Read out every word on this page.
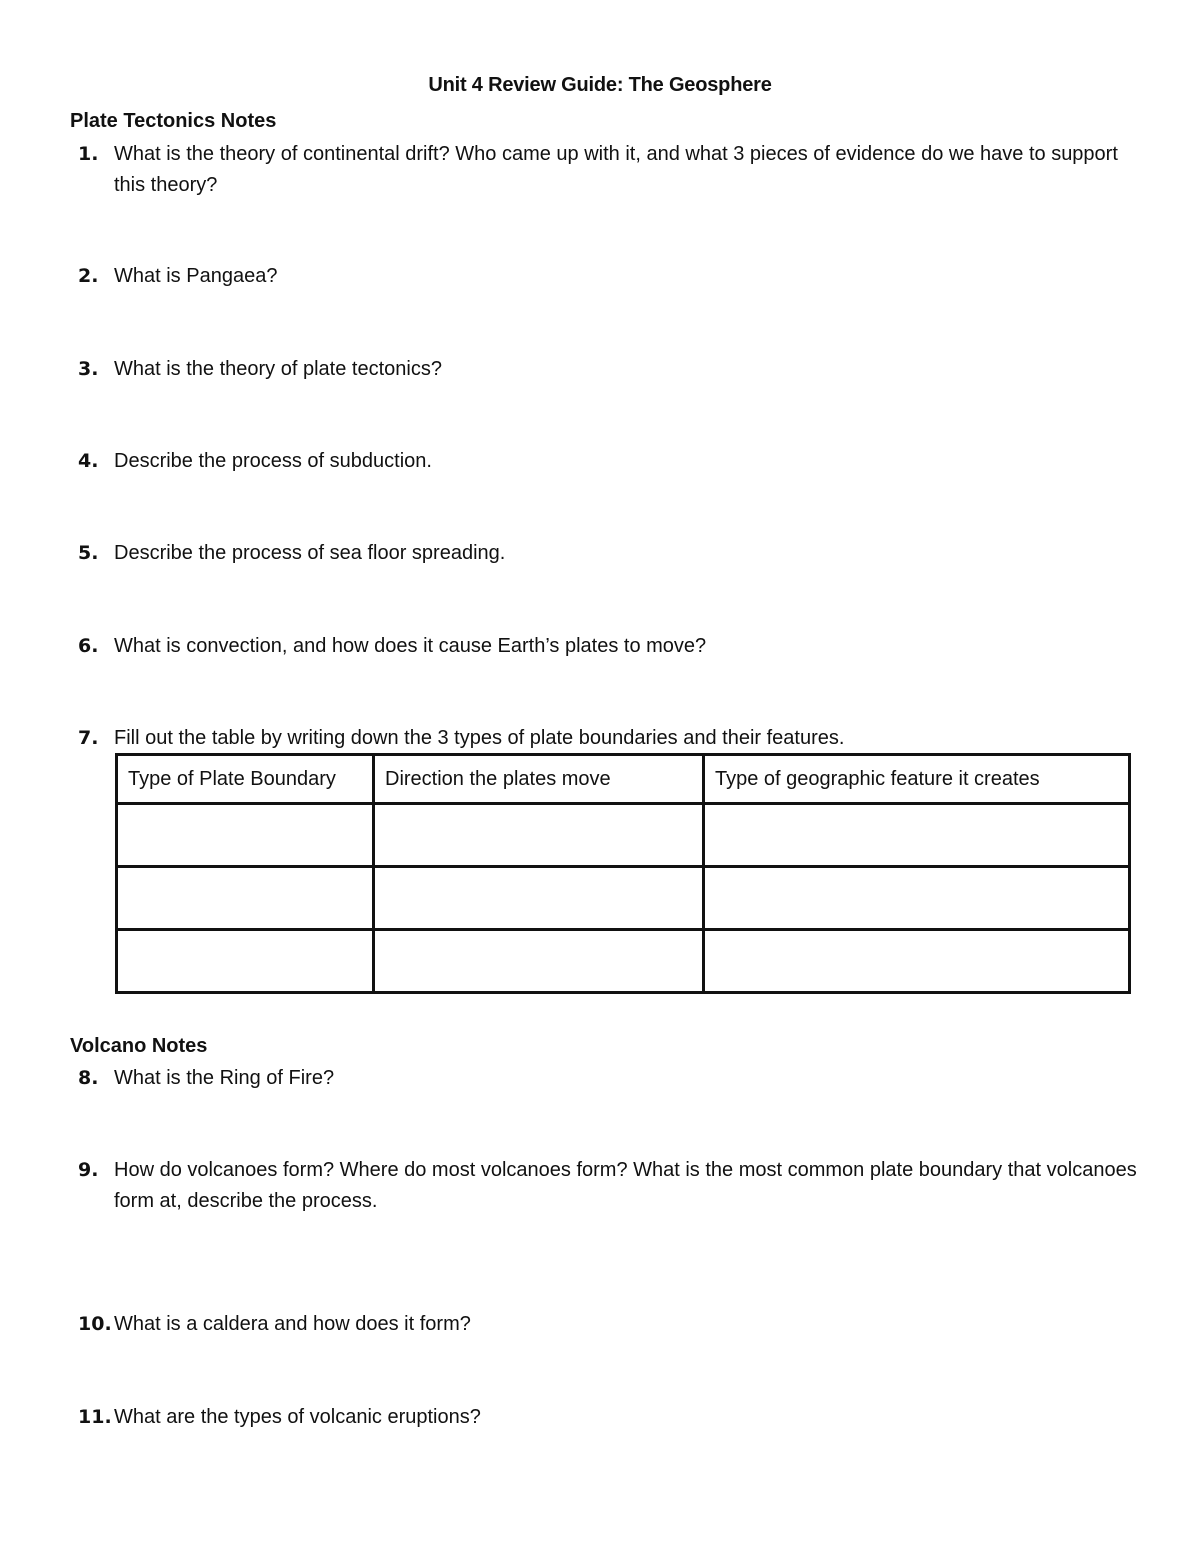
Unit 4 Review Guide: The Geosphere
Plate Tectonics Notes
1. What is the theory of continental drift? Who came up with it, and what 3 pieces of evidence do we have to support this theory?
2. What is Pangaea?
3. What is the theory of plate tectonics?
4. Describe the process of subduction.
5. Describe the process of sea floor spreading.
6. What is convection, and how does it cause Earth’s plates to move?
7. Fill out the table by writing down the 3 types of plate boundaries and their features.
Type of Plate Boundary	Direction the plates move	Type of geographic feature it creates

Volcano Notes
8. What is the Ring of Fire?
9. How do volcanoes form? Where do most volcanoes form? What is the most common plate boundary that volcanoes form at, describe the process.
10. What is a caldera and how does it form?
11. What are the types of volcanic eruptions?
